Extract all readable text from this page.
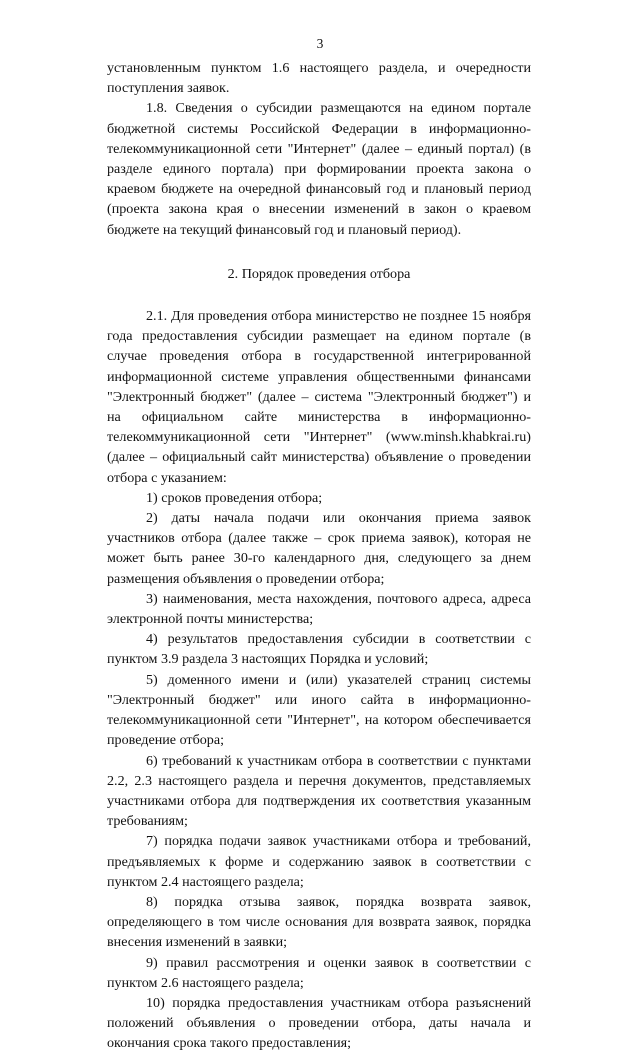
3

установленным пунктом 1.6 настоящего раздела, и очередности поступления заявок.

1.8. Сведения о субсидии размещаются на едином портале бюджетной системы Российской Федерации в информационно-телекоммуникационной сети "Интернет" (далее – единый портал) (в разделе единого портала) при формировании проекта закона о краевом бюджете на очередной финансовый год и плановый период (проекта закона края о внесении изменений в закон о краевом бюджете на текущий финансовый год и плановый период).

2. Порядок проведения отбора

2.1. Для проведения отбора министерство не позднее 15 ноября года предоставления субсидии размещает на едином портале (в случае проведения отбора в государственной интегрированной информационной системе управления общественными финансами "Электронный бюджет" (далее – система "Электронный бюджет") и на официальном сайте министерства в информационно-телекоммуникационной сети "Интернет" (www.minsh.khabkrai.ru) (далее – официальный сайт министерства) объявление о проведении отбора с указанием:

1) сроков проведения отбора;

2) даты начала подачи или окончания приема заявок участников отбора (далее также – срок приема заявок), которая не может быть ранее 30-го календарного дня, следующего за днем размещения объявления о проведении отбора;

3) наименования, места нахождения, почтового адреса, адреса электронной почты министерства;

4) результатов предоставления субсидии в соответствии с пунктом 3.9 раздела 3 настоящих Порядка и условий;

5) доменного имени и (или) указателей страниц системы "Электронный бюджет" или иного сайта в информационно-телекоммуникационной сети "Интернет", на котором обеспечивается проведение отбора;

6) требований к участникам отбора в соответствии с пунктами 2.2, 2.3 настоящего раздела и перечня документов, представляемых участниками отбора для подтверждения их соответствия указанным требованиям;

7) порядка подачи заявок участниками отбора и требований, предъявляемых к форме и содержанию заявок в соответствии с пунктом 2.4 настоящего раздела;

8) порядка отзыва заявок, порядка возврата заявок, определяющего в том числе основания для возврата заявок, порядка внесения изменений в заявки;

9) правил рассмотрения и оценки заявок в соответствии с пунктом 2.6 настоящего раздела;

10) порядка предоставления участникам отбора разъяснений положений объявления о проведении отбора, даты начала и окончания срока такого предоставления;
